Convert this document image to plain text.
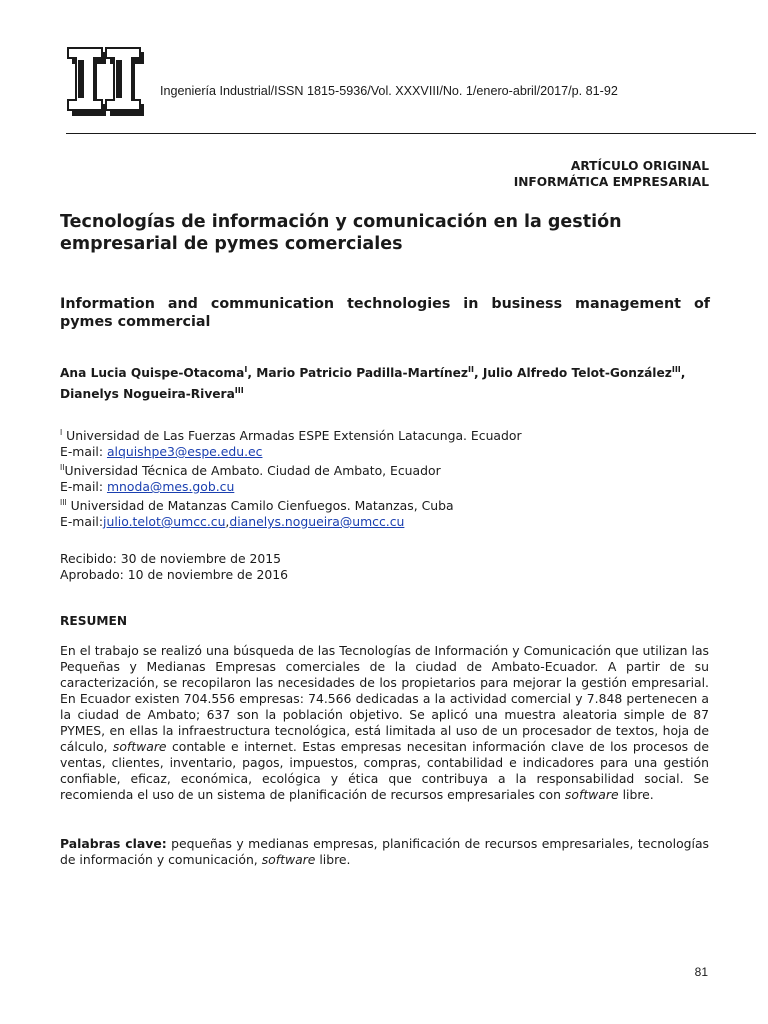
Ingeniería Industrial/ISSN 1815-5936/Vol. XXXVIII/No. 1/enero-abril/2017/p. 81-92
ARTÍCULO ORIGINAL
INFORMÁTICA EMPRESARIAL
Tecnologías de información y comunicación en la gestión empresarial de pymes comerciales
Information and communication technologies in business management of pymes commercial
Ana Lucia Quispe-Otacoma$^I$, Mario Patricio Padilla-Martínez$^{II}$, Julio Alfredo Telot-González$^{III}$, Dianelys Nogueira-Rivera$^{III}$
$^I$ Universidad de Las Fuerzas Armadas ESPE Extensión Latacunga. Ecuador
E-mail: alquishpe3@espe.edu.ec
$^{II}$Universidad Técnica de Ambato. Ciudad de Ambato, Ecuador
E-mail: mnoda@mes.gob.cu
$^{III}$ Universidad de Matanzas Camilo Cienfuegos. Matanzas, Cuba
E-mail:julio.telot@umcc.cu,dianelys.nogueira@umcc.cu
Recibido: 30 de noviembre de 2015
Aprobado: 10 de noviembre de 2016
RESUMEN
En el trabajo se realizó una búsqueda de las Tecnologías de Información y Comunicación que utilizan las Pequeñas y Medianas Empresas comerciales de la ciudad de Ambato-Ecuador. A partir de su caracterización, se recopilaron las necesidades de los propietarios para mejorar la gestión empresarial. En Ecuador existen 704.556 empresas: 74.566 dedicadas a la actividad comercial y 7.848 pertenecen a la ciudad de Ambato; 637 son la población objetivo. Se aplicó una muestra aleatoria simple de 87 PYMES, en ellas la infraestructura tecnológica, está limitada al uso de un procesador de textos, hoja de cálculo, software contable e internet. Estas empresas necesitan información clave de los procesos de ventas, clientes, inventario, pagos, impuestos, compras, contabilidad e indicadores para una gestión confiable, eficaz, económica, ecológica y ética que contribuya a la responsabilidad social. Se recomienda el uso de un sistema de planificación de recursos empresariales con software libre.
Palabras clave: pequeñas y medianas empresas, planificación de recursos empresariales, tecnologías de información y comunicación, software libre.
81
